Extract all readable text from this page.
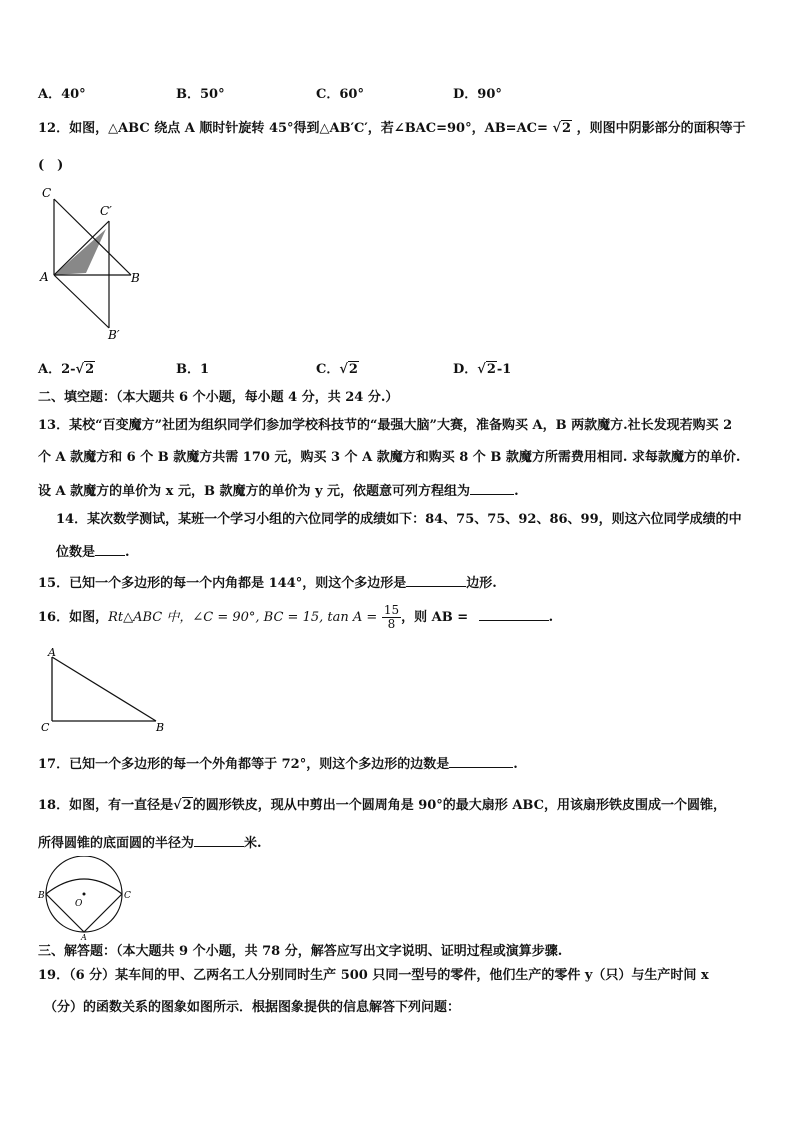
A．40°	B．50°	C．60°	D．90°
12．如图，△ABC 绕点 A 顺时针旋转 45°得到△AB′C′，若∠BAC=90°，AB=AC= √2 ，则图中阴影部分的面积等于
(　)
C
C′
A	B
B′
A．2-√2	B．1	C．√2	D．√2-1
二、填空题：（本大题共 6 个小题，每小题 4 分，共 24 分.）
13．某校“百变魔方”社团为组织同学们参加学校科技节的“最强大脑”大赛，准备购买 A，B 两款魔方.社长发现若购买 2
个 A 款魔方和 6 个 B 款魔方共需 170 元，购买 3 个 A 款魔方和购买 8 个 B 款魔方所需费用相同. 求每款魔方的单价.
设 A 款魔方的单价为 x 元，B 款魔方的单价为 y 元，依题意可列方程组为	.
14．某次数学测试，某班一个学习小组的六位同学的成绩如下：84、75、75、92、86、99，则这六位同学成绩的中
位数是 .
15．已知一个多边形的每一个内角都是 144°，则这个多边形是	边形.
16．如图，Rt△ABC 中，∠C = 90°, BC = 15, $\tan A = \frac{15}{8}$ ，则 AB =	.
A
C	B
17．已知一个多边形的每一个外角都等于 72°，则这个多边形的边数是	.
18．如图，有一直径是√2的圆形铁皮，现从中剪出一个圆周角是 90°的最大扇形 ABC，用该扇形铁皮围成一个圆锥，
所得圆锥的底面圆的半径为	米.
B	C
O
A
三、解答题：（本大题共 9 个小题，共 78 分，解答应写出文字说明、证明过程或演算步骤.
19．（6 分）某车间的甲、乙两名工人分别同时生产 500 只同一型号的零件，他们生产的零件 y（只）与生产时间 x
（分）的函数关系的图象如图所示．根据图象提供的信息解答下列问题：
